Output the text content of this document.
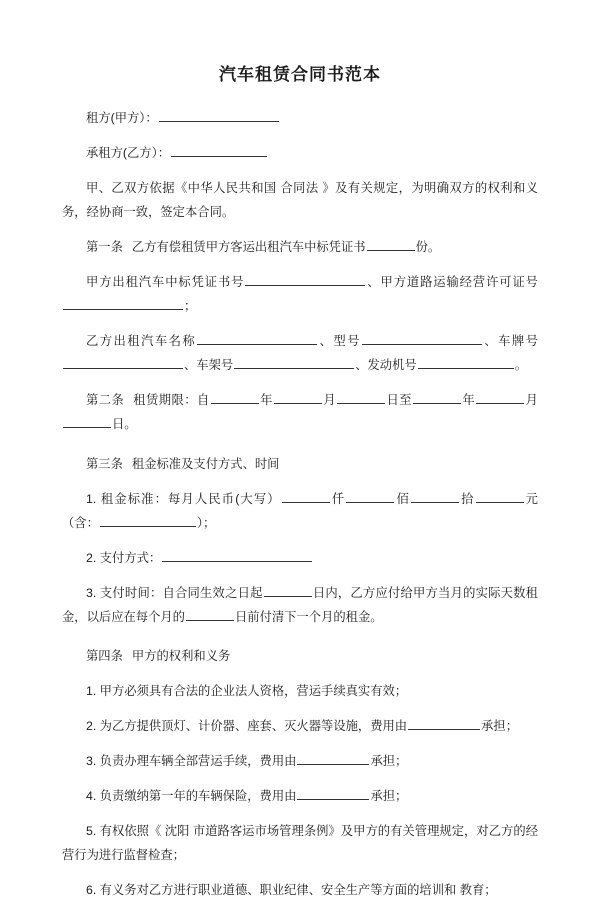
汽车租赁合同书范本
租方(甲方）：
承租方(乙方）：
甲、乙双方依据《中华人民共和国 合同法 》及有关规定，为明确双方的权利和义务，经协商一致，签定本合同。
第一条 乙方有偿租赁甲方客运出租汽车中标凭证书	份。
甲方出租汽车中标凭证书号	、甲方道路运输经营许可证号；
乙方出租汽车名称	、型号	、车牌号、车架号	、发动机号	。
第二条 租赁期限：自	年	月	日至	年	月日。
第三条 租金标准及支付方式、时间
1. 租金标准：每月人民币(大写）	仟	佰	拾	元（含：	）；
2. 支付方式：
3. 支付时间：自合同生效之日起	日内，乙方应付给甲方当月的实际天数租金，以后应在每个月的	日前付清下一个月的租金。
第四条 甲方的权利和义务
1. 甲方必须具有合法的企业法人资格，营运手续真实有效；
2. 为乙方提供顶灯、计价器、座套、灭火器等设施，费用由	承担；
3. 负责办理车辆全部营运手续，费用由	承担；
4. 负责缴纳第一年的车辆保险，费用由	承担；
5. 有权依照《 沈阳 市道路客运市场管理条例》及甲方的有关管理规定，对乙方的经营行为进行监督检查；
6. 有义务对乙方进行职业道德、职业纪律、安全生产等方面的培训和 教育；
